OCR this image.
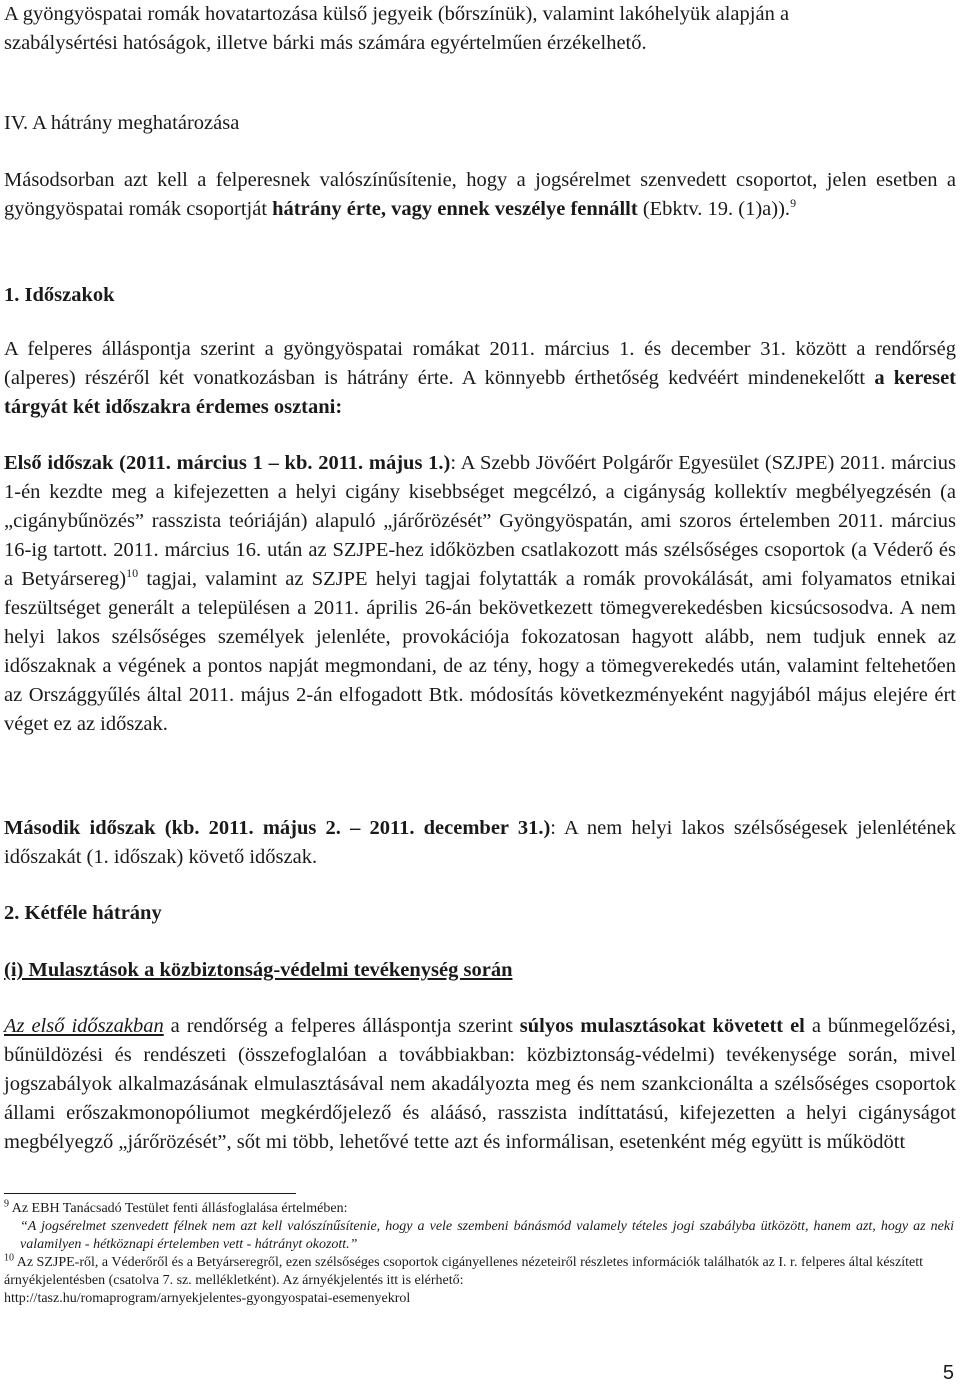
A gyöngyöspatai romák hovatartozása külső jegyeik (bőrszínük), valamint lakóhelyük alapján a

szabálysértési hatóságok, illetve bárki más számára egyértelműen érzékelhető.

IV. A hátrány meghatározása

Másodsorban azt kell a felperesnek valószínűsítenie, hogy a jogsérelmet szenvedett csoportot, jelen esetben a gyöngyöspatai romák csoportját hátrány érte, vagy ennek veszélye fennállt (Ebktv. 19. (1)a)).$^9$

1. Időszakok

A felperes álláspontja szerint a gyöngyöspatai romákat 2011. március 1. és december 31. között a rendőrség (alperes) részéről két vonatkozásban is hátrány érte. A könnyebb érthetőség kedvéért mindenekelőtt a kereset tárgyát két időszakra érdemes osztani:

Első időszak (2011. március 1 – kb. 2011. május 1.): A Szebb Jövőért Polgárőr Egyesület (SZJPE) 2011. március 1-én kezdte meg a kifejezetten a helyi cigány kisebbséget megcélzó, a cigányság kollektív megbélyegzésén (a „cigánybűnözés” rasszista teóriáján) alapuló „járőrözését” Gyöngyöspatán, ami szoros értelemben 2011. március 16-ig tartott. 2011. március 16. után az SZJPE-hez időközben csatlakozott más szélsőséges csoportok (a Véderő és a Betyársereg)$^{10}$ tagjai, valamint az SZJPE helyi tagjai folytatták a romák provokálását, ami folyamatos etnikai feszültséget generált a településen a 2011. április 26-án bekövetkezett tömegverekedésben kicsúcsosodva. A nem helyi lakos szélsőséges személyek jelenléte, provokációja fokozatosan hagyott alább, nem tudjuk ennek az időszaknak a végének a pontos napját megmondani, de az tény, hogy a tömegverekedés után, valamint feltehetően az Országgyűlés által 2011. május 2-án elfogadott Btk. módosítás következményeként nagyjából május elejére ért véget ez az időszak.

Második időszak (kb. 2011. május 2. – 2011. december 31.): A nem helyi lakos szélsőségesek jelenlétének időszakát (1. időszak) követő időszak.

2. Kétféle hátrány

(i) Mulasztások a közbiztonság-védelmi tevékenység során

Az első időszakban a rendőrség a felperes álláspontja szerint súlyos mulasztásokat követett el a bűnmegelőzési, bűnüldözési és rendészeti (összefoglalóan a továbbiakban: közbiztonság-védelmi) tevékenysége során, mivel jogszabályok alkalmazásának elmulasztásával nem akadályozta meg és nem szankcionálta a szélsőséges csoportok állami erőszakmonopóliumot megkérdőjelező és aláásó, rasszista indíttatású, kifejezetten a helyi cigányságot megbélyegző „járőrözését”, sőt mi több, lehetővé tette azt és informálisan, esetenként még együtt is működött

$^9$ Az EBH Tanácsadó Testület fenti állásfoglalása értelmében:

“A jogsérelmet szenvedett félnek nem azt kell valószínűsítenie, hogy a vele szembeni bánásmód valamely tételes jogi szabályba ütközött, hanem azt, hogy az neki valamilyen - hétköznapi értelemben vett - hátrányt okozott.”

$^{10}$ Az SZJPE-ről, a Véderőről és a Betyárseregről, ezen szélsőséges csoportok cigányellenes nézeteiről részletes információk találhatók az I. r. felperes által készített árnyékjelentésben (csatolva 7. sz. mellékletként). Az árnyékjelentés itt is elérhető:

http://tasz.hu/romaprogram/arnyekjelentes-gyongyospatai-esemenyekrol

5
